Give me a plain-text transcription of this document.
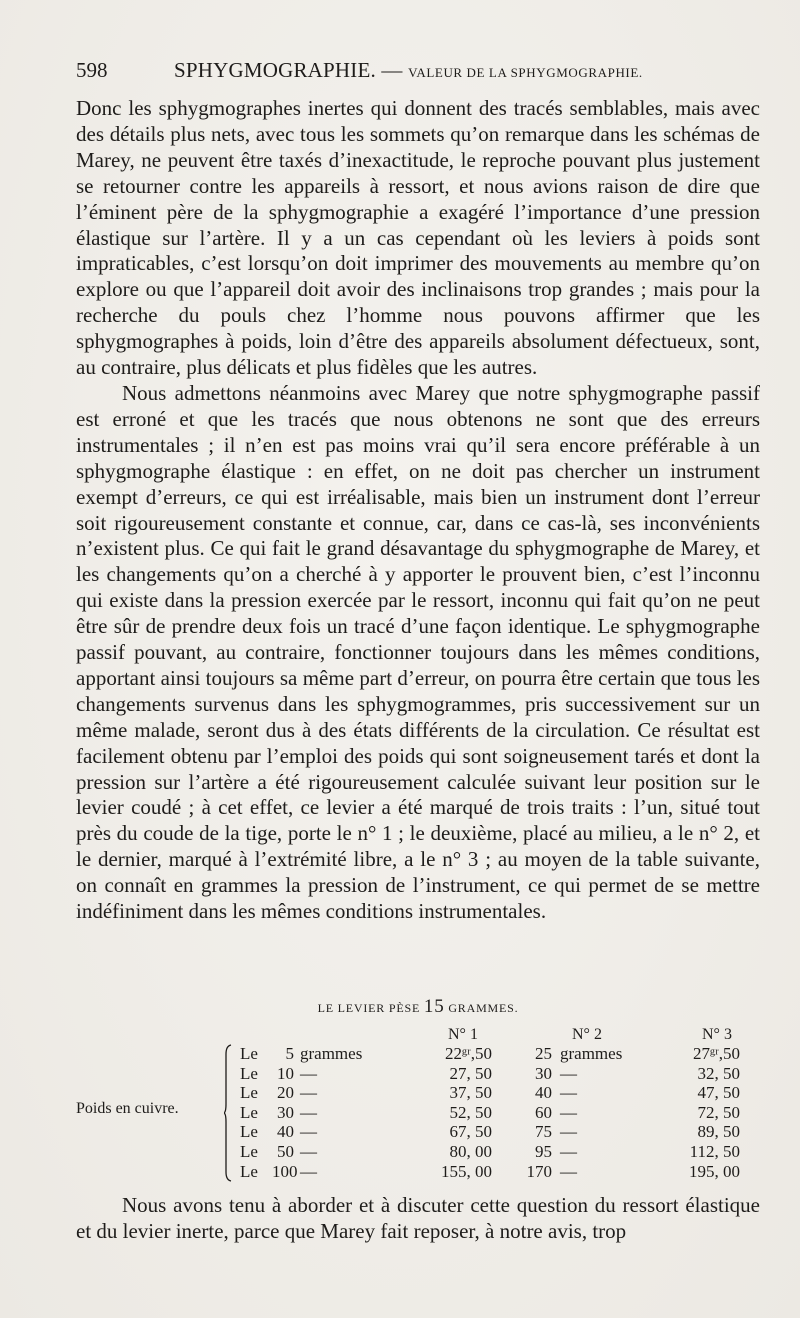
598	SPHYGMOGRAPHIE. — VALEUR DE LA SPHYGMOGRAPHIE.

Donc les sphygmographes inertes qui donnent des tracés semblables, mais avec des détails plus nets, avec tous les sommets qu’on remarque dans les schémas de Marey, ne peuvent être taxés d’inexactitude, le reproche pouvant plus justement se retourner contre les appareils à ressort, et nous avions raison de dire que l’éminent père de la sphygmographie a exagéré l’importance d’une pression élastique sur l’artère. Il y a un cas cependant où les leviers à poids sont impraticables, c’est lorsqu’on doit imprimer des mouvements au membre qu’on explore ou que l’appareil doit avoir des inclinaisons trop grandes ; mais pour la recherche du pouls chez l’homme nous pouvons affirmer que les sphygmographes à poids, loin d’être des appareils absolument défectueux, sont, au contraire, plus délicats et plus fidèles que les autres.

Nous admettons néanmoins avec Marey que notre sphygmographe passif est erroné et que les tracés que nous obtenons ne sont que des erreurs instrumentales ; il n’en est pas moins vrai qu’il sera encore préférable à un sphygmographe élastique : en effet, on ne doit pas chercher un instrument exempt d’erreurs, ce qui est irréalisable, mais bien un instrument dont l’erreur soit rigoureusement constante et connue, car, dans ce cas-là, ses inconvénients n’existent plus. Ce qui fait le grand désavantage du sphygmographe de Marey, et les changements qu’on a cherché à y apporter le prouvent bien, c’est l’inconnu qui existe dans la pression exercée par le ressort, inconnu qui fait qu’on ne peut être sûr de prendre deux fois un tracé d’une façon identique. Le sphygmographe passif pouvant, au contraire, fonctionner toujours dans les mêmes conditions, apportant ainsi toujours sa même part d’erreur, on pourra être certain que tous les changements survenus dans les sphygmogrammes, pris successivement sur un même malade, seront dus à des états différents de la circulation. Ce résultat est facilement obtenu par l’emploi des poids qui sont soigneusement tarés et dont la pression sur l’artère a été rigoureusement calculée suivant leur position sur le levier coudé ; à cet effet, ce levier a été marqué de trois traits : l’un, situé tout près du coude de la tige, porte le n° 1 ; le deuxième, placé au milieu, a le n° 2, et le dernier, marqué à l’extrémité libre, a le n° 3 ; au moyen de la table suivante, on connaît en grammes la pression de l’instrument, ce qui permet de se mettre indéfiniment dans les mêmes conditions instrumentales.

LE LEVIER PÈSE 15 GRAMMES.
N° 1	N° 2	N° 3
Poids en cuivre.
Le	5 grammes	22ᵍʳ,50	25 grammes	27ᵍʳ,50
Le 10 —	27, 50	30 —	32, 50
Le 20 —	37, 50	40 —	47, 50
Le 30 —	52, 50	60 —	72, 50
Le 40 —	67, 50	75 —	89, 50
Le 50 —	80, 00	95 —	112, 50
Le 100 —	155, 00	170 —	195, 00

Nous avons tenu à aborder et à discuter cette question du ressort élastique et du levier inerte, parce que Marey fait reposer, à notre avis, trop
